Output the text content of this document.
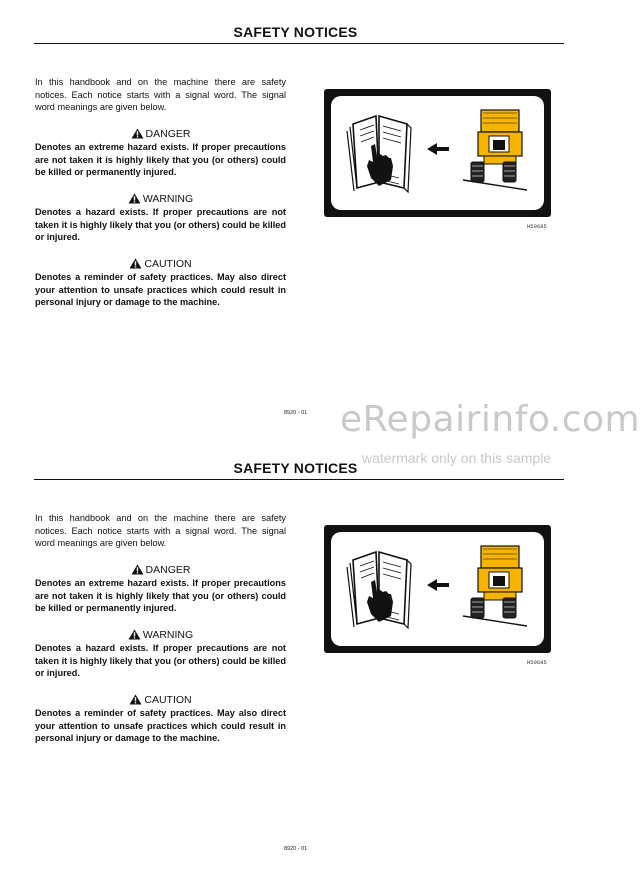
SAFETY NOTICES
In this handbook and on the machine there are safety notices. Each notice starts with a signal word. The signal word meanings are given below.
DANGER
Denotes an extreme hazard exists. If proper precautions are not taken it is highly likely that you (or others) could be killed or permanently injured.
WARNING
Denotes a hazard exists. If proper precautions are not taken it is highly likely that you (or others) could be killed or injured.
CAUTION
Denotes a reminder of safety practices. May also direct your attention to unsafe practices which could result in personal injury or damage to the machine.
H59685
8920 - 01
SAFETY NOTICES
In this handbook and on the machine there are safety notices. Each notice starts with a signal word. The signal word meanings are given below.
DANGER
Denotes an extreme hazard exists. If proper precautions are not taken it is highly likely that you (or others) could be killed or permanently injured.
WARNING
Denotes a hazard exists. If proper precautions are not taken it is highly likely that you (or others) could be killed or injured.
CAUTION
Denotes a reminder of safety practices. May also direct your attention to unsafe practices which could result in personal injury or damage to the machine.
H59685
8920 - 01
eRepairinfo.com
watermark only on this sample
